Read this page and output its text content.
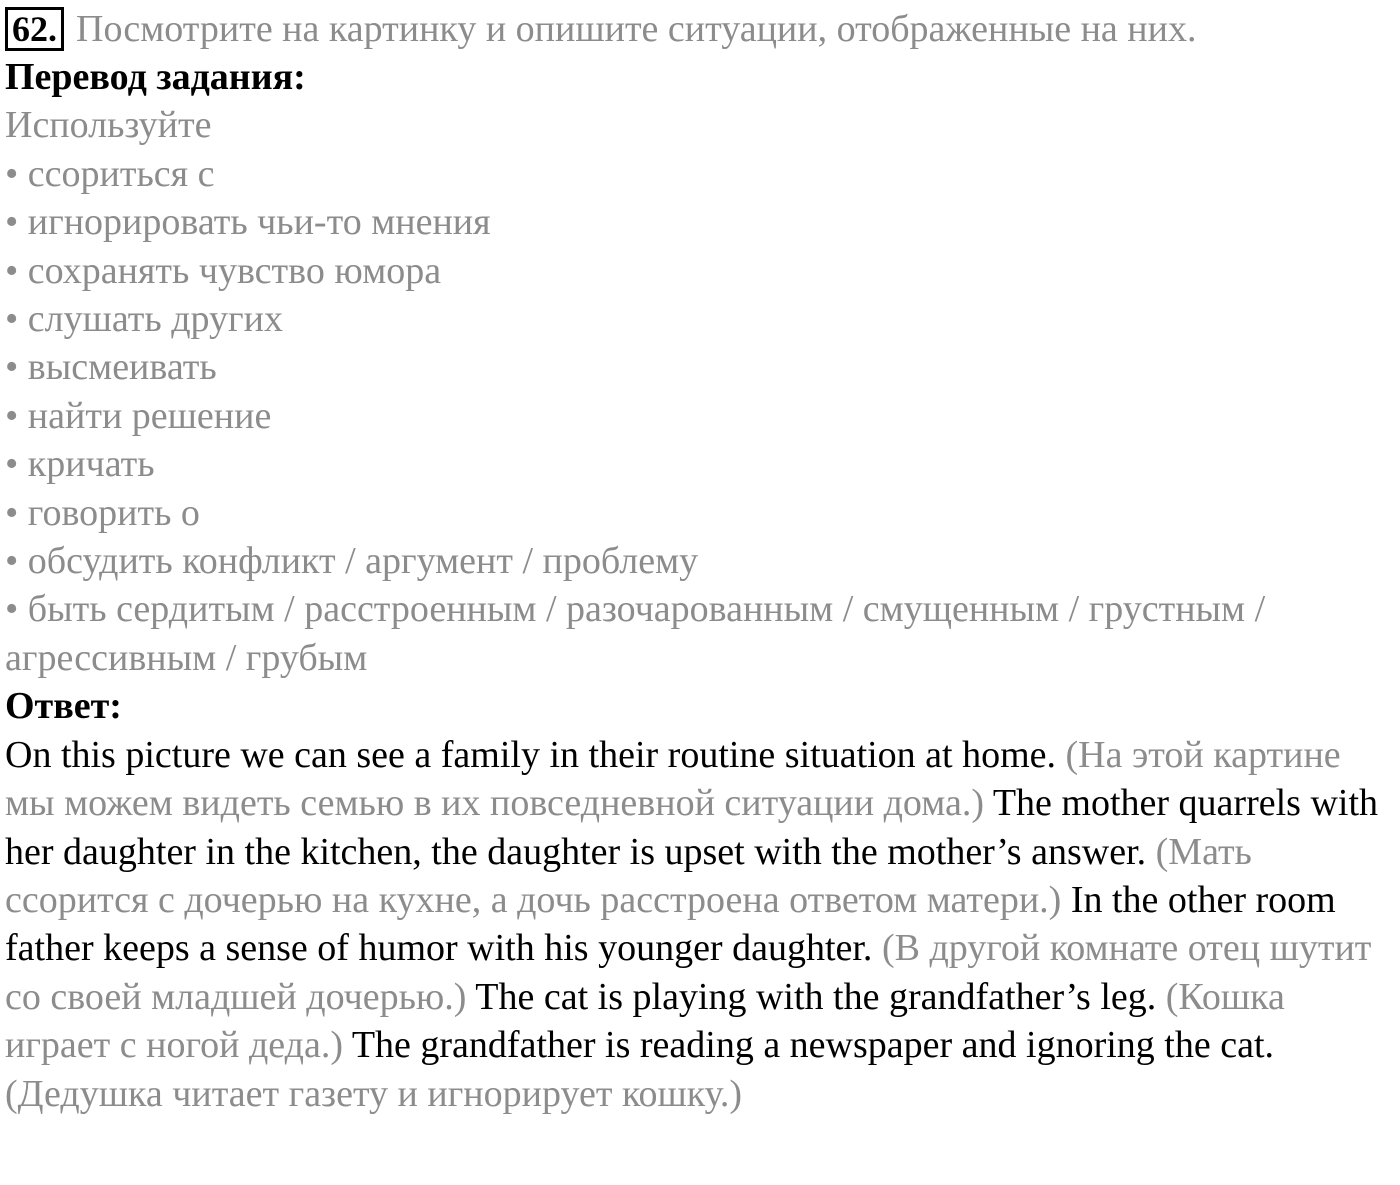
62. Посмотрите на картинку и опишите ситуации, отображенные на них.
Перевод задания:
Используйте
• ссориться с
• игнорировать чьи-то мнения
• сохранять чувство юмора
• слушать других
• высмеивать
• найти решение
• кричать
• говорить о
• обсудить конфликт / аргумент / проблему
• быть сердитым / расстроенным / разочарованным / смущенным / грустным / агрессивным / грубым
Ответ:
On this picture we can see a family in their routine situation at home. (На этой картине мы можем видеть семью в их повседневной ситуации дома.) The mother quarrels with her daughter in the kitchen, the daughter is upset with the mother’s answer. (Мать ссорится с дочерью на кухне, а дочь расстроена ответом матери.) In the other room father keeps a sense of humor with his younger daughter. (В другой комнате отец шутит со своей младшей дочерью.) The cat is playing with the grandfather’s leg. (Кошка играет с ногой деда.) The grandfather is reading a newspaper and ignoring the cat. (Дедушка читает газету и игнорирует кошку.)
